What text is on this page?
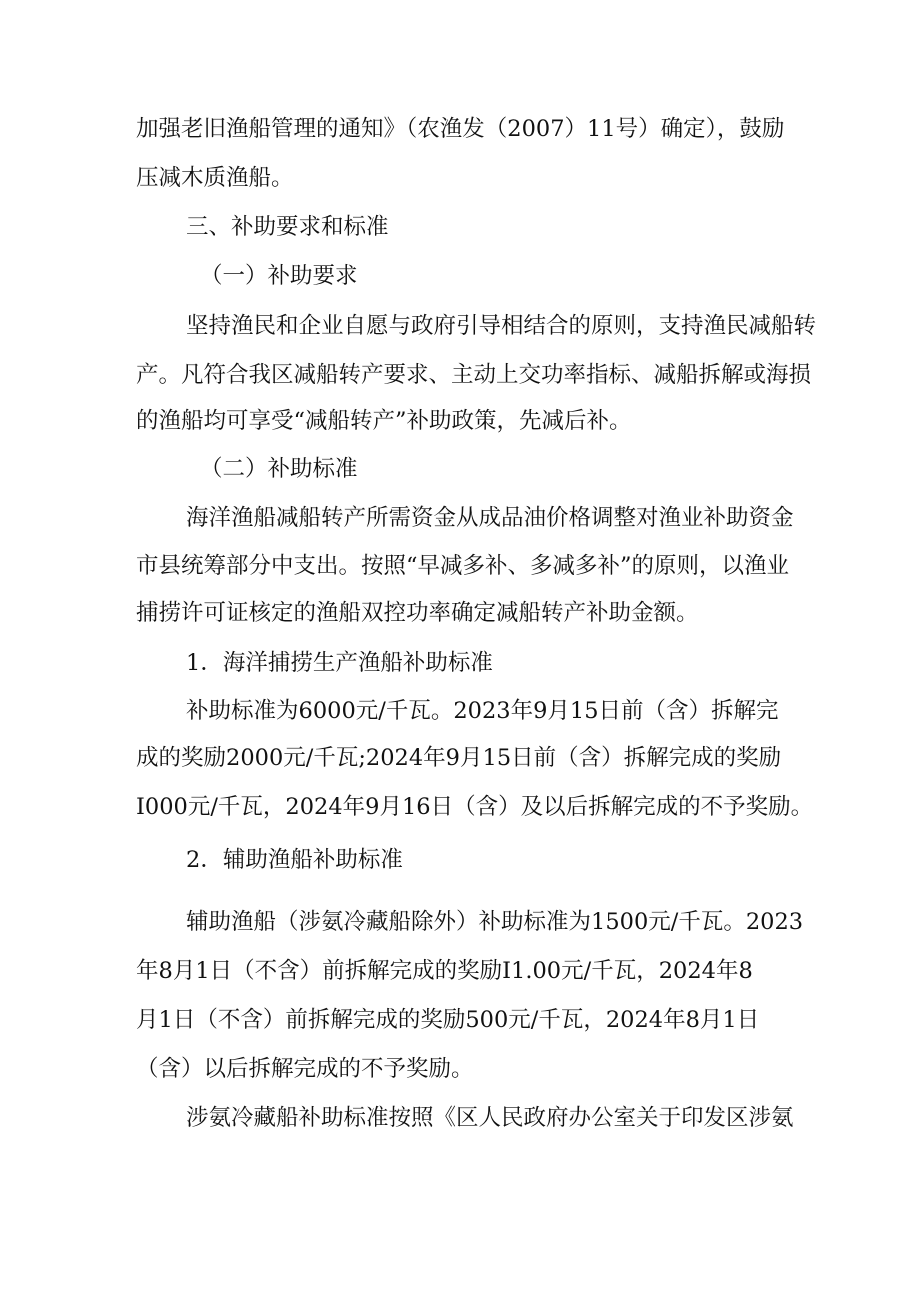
加强老旧渔船管理的通知》（农渔发（2007）11号）确定），鼓励

压减木质渔船。

三、补助要求和标准

（一）补助要求

坚持渔民和企业自愿与政府引导相结合的原则，支持渔民减船转

产。凡符合我区减船转产要求、主动上交功率指标、减船拆解或海损

的渔船均可享受“减船转产”补助政策，先减后补。

（二）补助标准

海洋渔船减船转产所需资金从成品油价格调整对渔业补助资金

市县统筹部分中支出。按照“早减多补、多减多补”的原则，以渔业

捕捞许可证核定的渔船双控功率确定减船转产补助金额。

1．海洋捕捞生产渔船补助标准

补助标准为6000元/千瓦。2023年9月15日前（含）拆解完

成的奖励2000元/千瓦;2024年9月15日前（含）拆解完成的奖励

I000元/千瓦，2024年9月16日（含）及以后拆解完成的不予奖励。

2．辅助渔船补助标准

辅助渔船（涉氨冷藏船除外）补助标准为1500元/千瓦。2023

年8月1日（不含）前拆解完成的奖励I1.00元/千瓦，2024年8

月1日（不含）前拆解完成的奖励500元/千瓦，2024年8月1日

（含）以后拆解完成的不予奖励。

涉氨冷藏船补助标准按照《区人民政府办公室关于印发区涉氨
